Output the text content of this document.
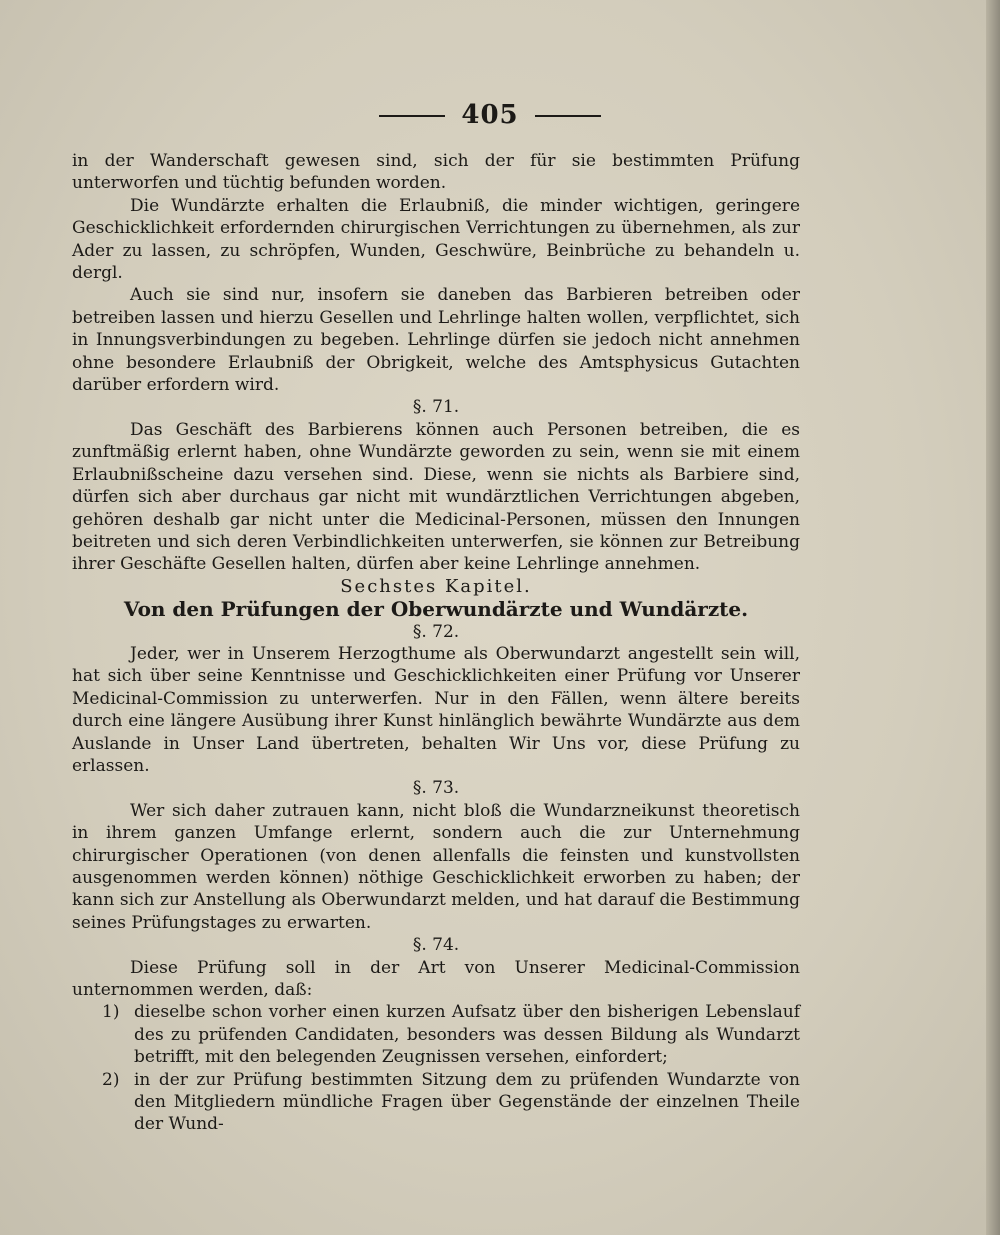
405

in der Wanderschaft gewesen sind, sich der für sie bestimmten Prüfung unterworfen und tüchtig befunden worden.

Die Wundärzte erhalten die Erlaubniß, die minder wichtigen, geringere Geschicklichkeit erfordernden chirurgischen Verrichtungen zu übernehmen, als zur Ader zu lassen, zu schröpfen, Wunden, Geschwüre, Beinbrüche zu behandeln u. dergl.

Auch sie sind nur, insofern sie daneben das Barbieren betreiben oder betreiben lassen und hierzu Gesellen und Lehrlinge halten wollen, verpflichtet, sich in Innungsverbindungen zu begeben. Lehrlinge dürfen sie jedoch nicht annehmen ohne besondere Erlaubniß der Obrigkeit, welche des Amtsphysicus Gutachten darüber erfordern wird.

§. 71.

Das Geschäft des Barbierens können auch Personen betreiben, die es zunftmäßig erlernt haben, ohne Wundärzte geworden zu sein, wenn sie mit einem Erlaubnißscheine dazu versehen sind. Diese, wenn sie nichts als Barbiere sind, dürfen sich aber durchaus gar nicht mit wundärztlichen Verrichtungen abgeben, gehören deshalb gar nicht unter die Medicinal-Personen, müssen den Innungen beitreten und sich deren Verbindlichkeiten unterwerfen, sie können zur Betreibung ihrer Geschäfte Gesellen halten, dürfen aber keine Lehrlinge annehmen.

Sechstes Kapitel.

Von den Prüfungen der Oberwundärzte und Wundärzte.

§. 72.

Jeder, wer in Unserem Herzogthume als Oberwundarzt angestellt sein will, hat sich über seine Kenntnisse und Geschicklichkeiten einer Prüfung vor Unserer Medicinal-Commission zu unterwerfen. Nur in den Fällen, wenn ältere bereits durch eine längere Ausübung ihrer Kunst hinlänglich bewährte Wundärzte aus dem Auslande in Unser Land übertreten, behalten Wir Uns vor, diese Prüfung zu erlassen.

§. 73.

Wer sich daher zutrauen kann, nicht bloß die Wundarzneikunst theoretisch in ihrem ganzen Umfange erlernt, sondern auch die zur Unternehmung chirurgischer Operationen (von denen allenfalls die feinsten und kunstvollsten ausgenommen werden können) nöthige Geschicklichkeit erworben zu haben; der kann sich zur Anstellung als Oberwundarzt melden, und hat darauf die Bestimmung seines Prüfungstages zu erwarten.

§. 74.

Diese Prüfung soll in der Art von Unserer Medicinal-Commission unternommen werden, daß:

1) dieselbe schon vorher einen kurzen Aufsatz über den bisherigen Lebenslauf des zu prüfenden Candidaten, besonders was dessen Bildung als Wundarzt betrifft, mit den belegenden Zeugnissen versehen, einfordert;

2) in der zur Prüfung bestimmten Sitzung dem zu prüfenden Wundarzte von den Mitgliedern mündliche Fragen über Gegenstände der einzelnen Theile der Wund-
